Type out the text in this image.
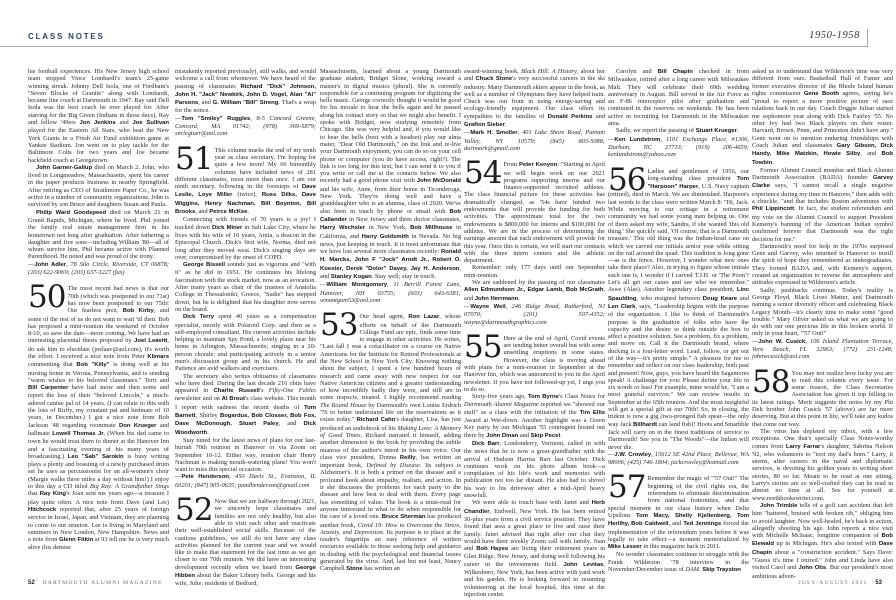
CLASS NOTES	1950-1958

his football experiences. His New Jersey high school team stopped Vince Lombardi's team's 25-game winning streak. Johnny Dell Isola, one of Fordham's "Seven Blocks of Granite" along with Lombardi, became line coach at Dartmouth in 1947. Ray said Dell Isola was the best coach he ever played for. After starring for the Big Green (Indians in those days), Ray and fellow '49ers Jon Jenkins and Joe Sullivan played for the Eastern All Stars, who beat the New York Giants in a Fresh Air Fund exhibition game at Yankee Stadium. Jon went on to play tackle for the Baltimore Colts for two years and Joe became backfield coach at Georgetown.

John Garner-Gallup died on March 2. John, who lived in Longmeadow, Massachusetts, spent his career in the paper products business in nearby Springfield. After retiring as CEO of Strathmore Paper Co., he was active in a number of community organizations. John is survived by son Bruce and daughters Susan and Paula.

Philip Ward Goodspeed died on March 21 in Grand Rapids, Michigan, where he lived. Phil joined the family real estate management firm in his hometown not long after graduation. After fathering a daughter and five sons—including William '80—all of whom survive him, Phil became active with Planned Parenthood. He noted and was proud of the irony.

—John Adler, 78 Silo Circle, Riverside, CT 06878; (203) 622-9069; (203) 637-3227 (fax)

50 The most recent bad news is that our 70th (which was postponed to our 71st) has now been postponed to our 75th! Our fearless prez, Bob Kirby, and some of the rest of us do not want to wait 'til then. Bob has proposed a mini-reunion the weekend of October 8-10, so save the date—more coming. We have had an interesting placental thesis proposed by Joel Leavitt, do ask him to elucidate (joelaav@aol.com), it's worth the effort. I received a nice note from Peter Klimars commenting that Bob "Killy" is doing well at his nursing home in Verona, Pennsylvania, and is sending "warm wishes to his beloved classmates." Terri and Bill Carpenter have had snow and then some and report the loss of their "beloved Lincoln," a much-adored canine pal of 14 years. (I can relate to this with the loss of Ruffy, my constant pal and bedmate of 10 years, in December.) I got a nice note from Bob Jackson '48 regarding roommate Don Krueger and hallmate Lowell Thomas Jr. (When his dad came to town he would treat them to dinner at the Hanover Inn and a fascinating evening of his many years of broadcasting.) Leo "Sab" Sarokin is busy writing plays a plenty and boasting of a newly purchased drum set he uses as percussionist for an all-women's choir (Margie walks three miles a day without him!) I enjoy to this day a CD titled Big Ray: A Grandfather Sings that Ray King's Joan sent me years ago—a treasure I play quite often. A nice note from Dave (and Lee) Hitchcock reported that, after 25 years of foreign service in Israel, Japan, and Vietnam, they are planning to come to our reunion. Lee is living in Maryland and summers in New London, New Hampshire. News and a note from Glenn Fitkin at 93 tell me he is very much alive (his demise

mistakenly reported previously), still walks, and would welcome a call from whomever. We have heard of the passing of classmates Richard "Dick" Johnson, John H. "Jack" Newkirk, John D. Vogel, Alan "Al" Parsons, and G. William "Bill" Streng. That's a wrap for the nonce.

—Tom "Smiley" Ruggles, 8-5 Concord Greene, Concord, MA 01742; (978) 369-5879; snrlegtuer@aol.com

51 This column marks the end of my tenth year as class secretary. I'm hoping for quite a few more! My 60 bimonthly columns have included news of 281 different classmates, most more than once. I am our ninth secretary, following in the footsteps of Dave Leslie, Loye Miller (twice), Russ Dilks, Dave Wiggins, Henry Nachman, Bill Boynton, Bill Brooks, and Peirce McKee.

Connecting with friends of 70 years is a joy! I tracked down Dick Miner in Salt Lake City, where he lives with his wife of 10 years, Anita, a deacon in the Episcopal Church. Dick's first wife, Norma, died not long after they moved west. Dick's singing days are over, compromised by the onset of COPD.

George Bissell sounds just as vigorous and "with it" as he did in 1951. He continues his lifelong fascination with the stock market, now as an avocation. After many years as chair of the trustees of Anatolia College in Thessaloniki, Greece, "Sudie" has stepped down, but he is delighted that his daughter now serves on the board.

Dick Terry spent 40 years as a compensation specialist, mostly with Polaroid Corp. and then as a self-employed consultant. His current activities include helping to maintain Spy Pond, a lovely place near his home in Arlington, Massachusetts; singing in a 20-person chorale; and participating actively in a senior men's discussion group and in his church. He and Patience are avid walkers and exercisers.

The secretary also writes obituaries of classmates who have died. During the last decade 216 obits have appeared in Charlie Russell's Fifty-One Fables newsletter and on Al Brout's class website. This month I report with sadness the recent deaths of Tom Barnett, Shirley Bogardus, Bob Closser, Bob Fox, Dave McDonough, Stuart Paley, and Dick Woodworth.

Stay tuned for the latest news of plans for our last-hurrah 70th reunion in Hanover or via Zoom on September 10-12. Either way, reunion chair Henry Nachman is making mouth-watering plans! You won't want to miss this special occasion.

—Pete Henderson, 450 Davis St., Evanston, IL 60201; (847) 905-0635; pandhenderson@gmail.com

52 Now that we are halfway through 2021, we sincerely hope classmates and families are not only healthy, but also able to visit each other and reactivate their well-established social skills. Because of the cautious guidelines, we still do not have any class activities planned for the current year and we would like to make that statement for the last time as we get closer to our 70th reunion. We did have an interesting development recently when we heard from George Hibben about the Baker Library bells. George and his wife, Julie, residents of Bedford,

Massachusetts, learned about a young Dartmouth graduate student, Bridget Slone, working toward a master's in digital musics (plural). She is currently responsible for a continuing program for digitizing the bells music. George correctly thought it would be good for his morale to hear the bells again and he passed along his contact story so that we might also benefit. I spoke with Bridget, now studying remotely from Chicago. She was very helpful and, if you would like to hear the bells (best with a headset) play our alma mater, "Dear Old Dartmouth," on the link and re-live your Dartmouth enjoyment, you can do so on your cell phone or computer (you do have access, right?). The link is too long for this text, but I can send it to you if you write or call me at the contacts below. We also recently had a good phone visit with John McDonald and his wife, Anne, from their home in Ticonderoga, New York. They're doing well and have a granddaughter who is an alumna, class of 2020. We've also been in touch by phone or email with Bob Callander in New Jersey and three doctor classmates, Harry Wechsler in New York, Bob Millhouse in California, and Harry Goldsmith in Nevada. No big news, just keeping in touch. It is most unfortunate that we have lost several more classmates recently: Ronald H. Marcks, John F "Jock" Arndt Jr., Robert O. Koester, Derek "Dolor" Davey, Jay H. Anderson, and Stanley Kogan. Stay well; stay in touch.

—William Montgomery, 11 Berrill Forest Lane, Hanover, NH 03755; (603) 643-6381; wmontgom53@aol.com

53 Our head agent, Ron Lazar, whose efforts on behalf of the Dartmouth College Fund are epic, finds some time to engage in other activities. He writes, "Last fall I was a cofacilitator on a course on Native Americans for the Institute for Retired Professionals at the New School in New York City. Knowing nothing about the subject, I spent a few hundred hours of research and came away with new respect for our Native American citizens and a greater understanding of how incredibly badly they were, and still are in some respects, treated. I highly recommend reading The Round House by Dartmouth's own Louise Erdrich '76 to better understand life on the reservations as it exists today." Richard Cahn's daughter, Lisa, has just produced an audiobook of his Making Love: A Memory of Good Times. Richard narrated it himself, adding another dimension to the book by providing the subtle nuances of the author's intent in his own voice. Our class vice president, Donna Reilly, has written an important book, Defined by Disease. Its subject is Alzheimer's. It is both a primer on the disease and a profound book about empathy, realism, and action. In it she discusses the problems for each party to the disease and how best to deal with them. Every page has something of value. The book is a must-read for anyone interested in what to do when responsible for the care of a loved one. Bruce Sherman has produced another book, Covid 19: How to Overcome the Stress, Anxiety, and Depression. Its purpose is to place at the reader's fingertips an easy reference of written resources available to those seeking help and guidance in dealing with the psychological and financial issues generated by the virus. And, last but not least, Nancy Campbell Stone has written an

award-winning book, Black Hill: A History, about her and Chuck Stone's very successful careers in the ski industry. Many Dartmouth skiers appear in the book, as well as a number of Olympians they have helped train. Chuck was out front in using energy-saving and ecology-friendly equipment. Our class offers its sympathies to the families of Donald Perkins and Grafton Sieber.

—Mark H. Smoller, 401 Lake Shore Road, Putnam Valley, NY 10579; (845) 803-5088; dartmark@gmail.com

54 From Peter Kenyon: "Starting in April we will begin work on our 2021 programs supporting interns and our finance-supported recruited athletes. The class financial picture for these activities has dramatically changed, as '54s have funded two endowments that will provide the funding for both activities. The approximate total for the two endowments is $800,000 for interns and $100,000 for athletes. We are in the process of determining the earnings amount that each endowment will provide for this year. Once this is certain, we will start our contacts with the three intern centers and the athletic department.

Remember: only 177 days until our September mini-reunion.

We are saddened by the passing of our classmates Allen Edmundson Jr., Edgar Lamb, Bob McGrath, and John Herrmann.

—Wayne Weil, 246 Ridge Road, Rutherford, NJ 07070; (201) 507-4352; wayne@dartmouthgraphics.com

55 Here at the end of April, Covid events are tending better overall but with some unsettling eruptions in some states. However, the class is moving ahead with plans for a mini-reunion in September at the Hanover Inn, which was announced to you in the April newsletter. If you have not followed-up yet, I urge you to do so.

Sixty-five years ago, Tom Byrne's Class Notes for Dartmouth Alumni Magazine reported we "showed our stuff" as a class with the initiation of the Tim Ellis Award at Wet-down. Another highlight was a Green Key party by our Michigan '55 contingent hosted out there by John Dinan and Skip Pecel.

Dick Barr, Londonderry, Vermont, called in with the news that he is now a great-grandfather with the arrival of Hudson Harriss Barr last October. Dick continues work on his photo album book—a compilation of his life's work and memories with publication not too far distant. He also had to shovel his way to his driveway after a mid-April heavy snowfall.

We were able to touch base with Janet and Herb Chandler, Endwell, New York. He has been retired 30-plus years from a civil service position. They have found that area a great place to live and raise their family. Janet advised that right after our chat they would have their weekly Zoom call with family. Joan and Bob Hayes are living their retirement years in Glen Ridge, New Jersey, and doing well following his career in the investments field. John Levitas, Wilkesboro, New York, has been active with yard work and his garden. He is looking forward to resuming volunteering at the local hospital, this time at the injection center.

Carolyn and Bill Chapin checked in from Milwaukee, retired after a long career with Milwaukee Malt. They will celebrate their 69th wedding anniversary in August. Bill served in the Air Force as an F-86 interceptor pilot after graduation and continued in the reserves on weekends. He has been active in recruiting for Dartmouth in the Milwaukee area.

Sadly, we report the passing of Stuart Krueger.

—Ken Lundstrom, 1101 Exchange Place, #1306, Durham, NC 27713; (919) 206-4659; kenlundstrom@yahoo.com

56 Ladies and gentlemen of 1956, our long-standing class president Tom "Harpoon" Harper, U.S. Navy captain (retired), died in March. We are diminished. Harpoon's last words to the class were written March 8: "Hi, Jack. While moving to our cottage in a retirement community we had some young men helping us. One of them asked my wife, Sandra, if she wanted 'this old thing.' She quickly said, 'Of course, that is a Dartmouth treasure.' This old thing was the Indian-head cane on which we carved our initials senior year while sitting on the rail around the quad. This tradition is long gone—as is the fence. However, I wonder what new ones take their place? Also, in trying to figure whose initials each one is, I wonder if I carved T.J.H. or 'The Poon'? Let's all get our canes and see who we remember." Aswe (Alas). Another legendary class president, Linc Spaulding, who resigned between Doug Keare and Len Clark, says, "Leadership begins with the purpose of the organization. I like to think of Dartmouth's purpose is the graduation of folks who have the capacity and the desire to think outside the box to affect a positive solution. See a problem, fix a problem, and move on. Call it the Dartmouth brand, where ducking is a four-letter word. Lead, follow, or get out of the way—it's pretty simple." A pleasure for me to remember and reflect on our class leadership, both past and present! Now, guys, you have heard the Sagamores speak! A challenge for you: Please define your life in six words or less! For example, mine would be, "I am a most grateful survivor." We can review results in September at the 65th reunion. And the most insightful will get a special gift at our 70th! So, in closing, the trident is now a gig (two-pronged fish spear—the only way Jack Billhardt can land fish)! Hoots and Smarbble Jack will carry on in the finest traditions of service to Dartmouth! See you in "The Woods"—the Indian will never die.

—J.W. Crowley, 15612 SE 42nd Place, Bellevue, WA 98006; (425) 746-1804; jackcrowley@hotmail.com

57 Remember the magic of "'57 Out!" The beginning of the civil rights era, the referendum to eliminate discrimination from national fraternities, and that special moment in our class history when Delta Upsilons Tom Macy, Shelly Kjellenberg, Tom Herlihy, Bob Caldwell, and Ted Jennings forced the implementation of the referendum years before it was legally to take effect—a moment memorialized by Mike Lesser in this magazine back in 2011.

No wonder classmates continue to struggle with the Frank Wilderson '78 interview in the November/December issue of DAM. Skip Trayston

asked us to understand that Wilderson's time was very different from ours. Basketball Hall of Famer and former executive director of the Rhode Island human rights commission Gene Booth agrees, saying he's "proud to report a more positive picture of race relations back in our day. Coach Doggie Julian started me sophomore year along with Dick Fairley '55. No other Ivy had two Black players on their roster. Harvard, Brown, Penn, and Princeton didn't have any." Gene went on to mention enduring friendships with Coach Julian and classmates Gary Gibson, Dick Handy, Mike Matzkin, Howie Silby, and Bob Towbin.

Former Alumni Council member and Black Alumni Dartmouth Association (BADA) founder Garvey Clarke says, "I cannot recall a single negative experience during my time in Hanover," then adds with a chuckle, "and that includes Boston adventures with Phil Lippincott. In fact, the student referendum and my vote on the Alumni Council to support President Kemeny's banning of the American Indian symbol confirmed forever that Dartmouth was the right decision for me."

Dartmouth's need for help in the 1970s surprised Gene and Garvey, who returned to Hanover to instill the spirit of hope they remembered as undergraduates. They formed BADA and, with Kemeny's support, created an organization to reverse the atmosphere and attitudes expressed in Wilderson's article.

Sadly, pushbacks continue. Today's reality is George Floyd, Black Lives Matter, and Dartmouth naming a senior diversity officer and celebrating Black Legacy Month—it's clearly time to make some "good trouble." Mary Oliver asked us what we are going to do with our one precious life in this broken world. If only in your heart, "'57 Out!"

—John W. Cusick, 106 Island Plantation Terrace, Vero Beach, FL 32963; (772) 231-1248; johnwcusick@aol.com

58 You may not realize how lucky you are to read this column every issue. For some reason, the Class Secretaries Association has given it top billing in its latest ratings. Merit suggests the notes by my Phi Delt brother John Cusick '57 (above) are far more deserving. But at this point in life, we'll take any kudos that come our way.

The virus has depleted my inbox, with a few exceptions. One that's specially Class Notes-worthy comes from Larry Farrar's daughter, Sabrina Nelson '92, who volunteers to "toot my dad's horn." Larry, it seems, after careers in the naval and diplomatic services, is devoting his golden years to writing short stories, 80 so far. Meant to be read at one sitting, Larry's stories are so well-crafted they can be read in almost no time at all. See for yourself at www.northbookswriter.com.

John Trimble tells of a golf cart accident that left him "battered, bruised with broken rib," obliging him to avoid laughter. Now well-healed, he's back in action, allegedly shooting his age. John reports a nice visit with Michelle McIsaac, longtime companion of Bob Elewald up in Michigan. He's also texted with Dave Chapin about a "construction accident." Says Dave: "Guess it's time I retired." John and Linda have also visited Carol and John Otis. But our president's most ambitious adven-

52 DARTMOUTH ALUMNI MAGAZINE	JULY/AUGUST 2021 53
